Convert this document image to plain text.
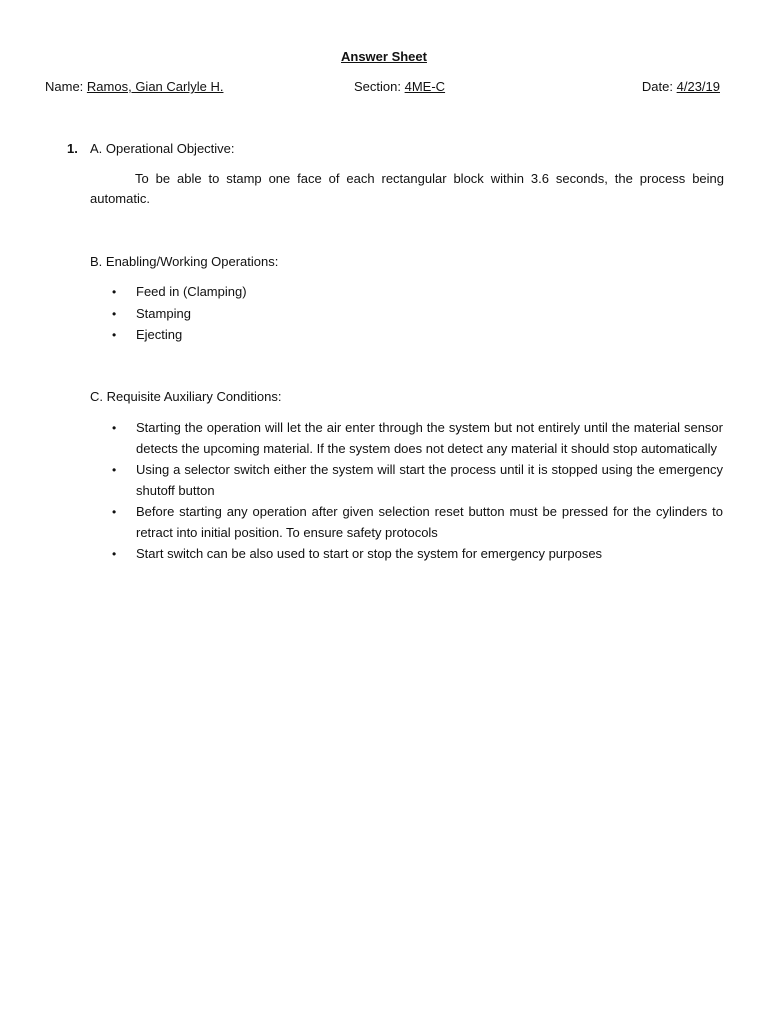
Answer Sheet
Name: Ramos, Gian Carlyle H.	Section: 4ME-C	Date: 4/23/19
1. A. Operational Objective:
To be able to stamp one face of each rectangular block within 3.6 seconds, the process being automatic.
B. Enabling/Working Operations:
• Feed in (Clamping)
• Stamping
• Ejecting
C. Requisite Auxiliary Conditions:
• Starting the operation will let the air enter through the system but not entirely until the material sensor detects the upcoming material. If the system does not detect any material it should stop automatically
• Using a selector switch either the system will start the process until it is stopped using the emergency shutoff button
• Before starting any operation after given selection reset button must be pressed for the cylinders to retract into initial position. To ensure safety protocols
• Start switch can be also used to start or stop the system for emergency purposes
